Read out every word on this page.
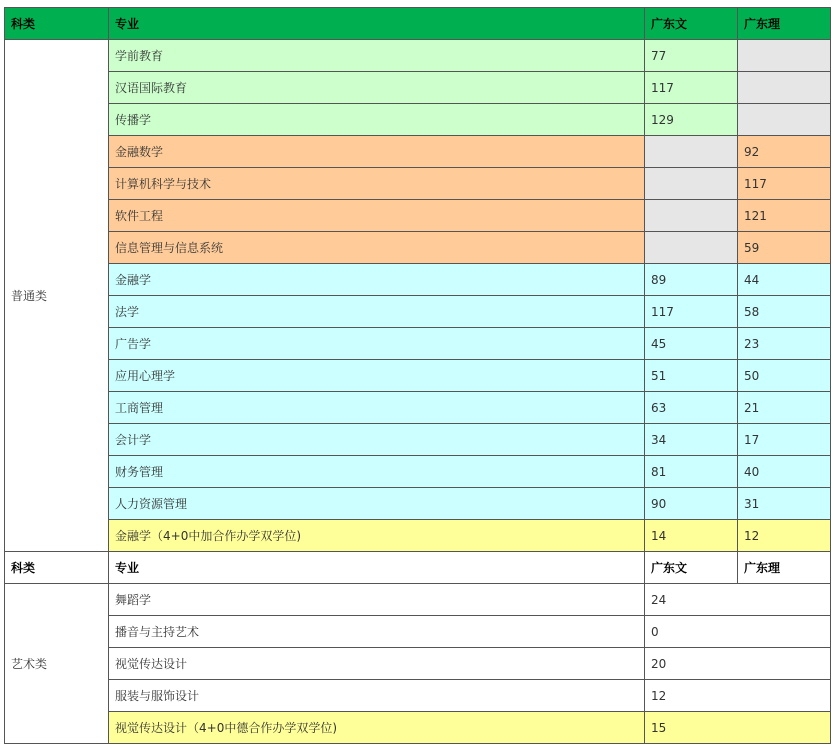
科类	专业	广东文	广东理
普通类	学前教育	77	
	汉语国际教育	117	
	传播学	129	
	金融数学		92
	计算机科学与技术		117
	软件工程		121
	信息管理与信息系统		59
	金融学	89	44
	法学	117	58
	广告学	45	23
	应用心理学	51	50
	工商管理	63	21
	会计学	34	17
	财务管理	81	40
	人力资源管理	90	31
	金融学（4+0中加合作办学双学位)	14	12
科类	专业	广东文	广东理
艺术类	舞蹈学	24	
	播音与主持艺术	0	
	视觉传达设计	20	
	服装与服饰设计	12	
	视觉传达设计（4+0中德合作办学双学位)	15	
